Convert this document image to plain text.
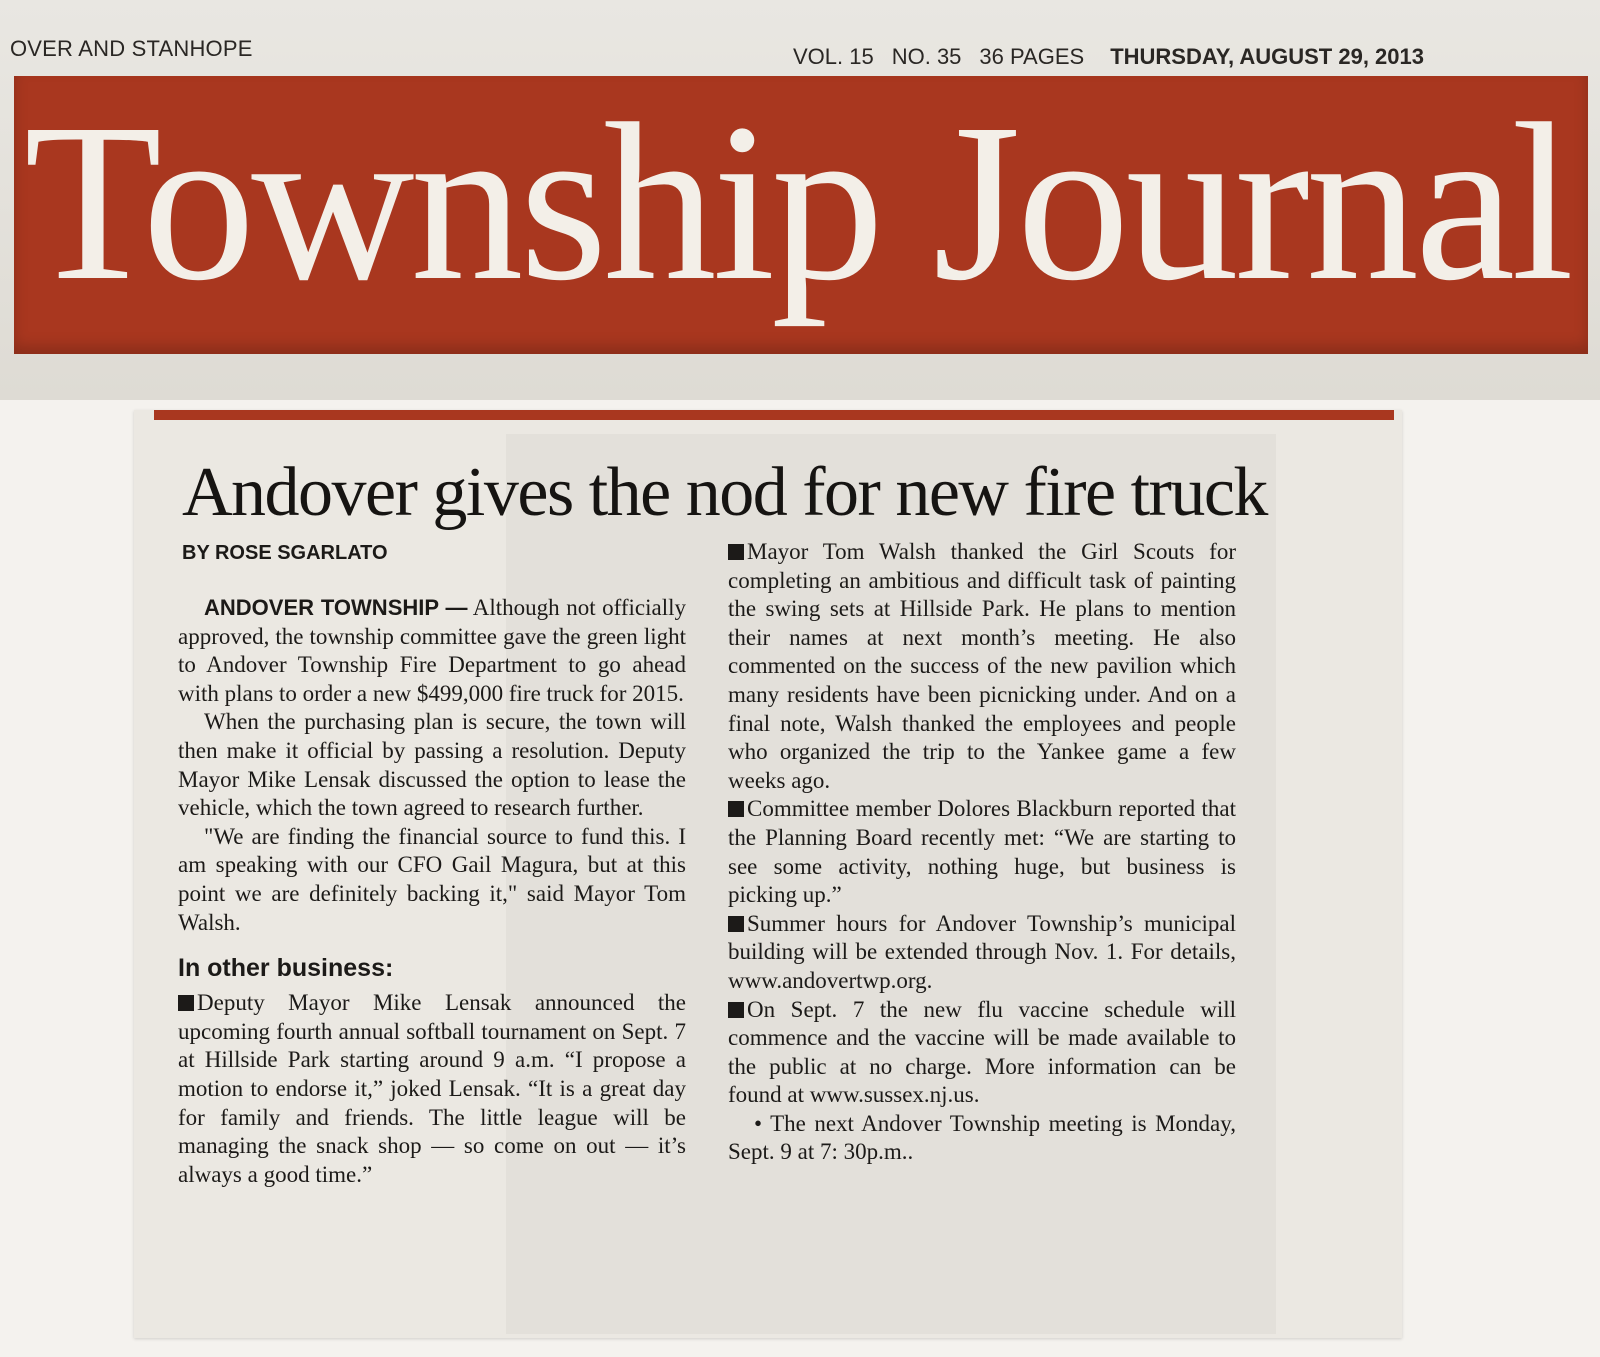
OVER AND STANHOPE	VOL. 15 NO. 35 36 PAGES THURSDAY, AUGUST 29, 2013
Township Journal
Andover gives the nod for new fire truck
BY ROSE SGARLATO

ANDOVER TOWNSHIP — Although not officially approved, the township committee gave the green light to Andover Township Fire Department to go ahead with plans to order a new $499,000 fire truck for 2015.

When the purchasing plan is secure, the town will then make it official by passing a resolution. Deputy Mayor Mike Lensak discussed the option to lease the vehicle, which the town agreed to research further.

"We are finding the financial source to fund this. I am speaking with our CFO Gail Magura, but at this point we are definitely backing it," said Mayor Tom Walsh.

In other business:

Deputy Mayor Mike Lensak announced the upcoming fourth annual softball tournament on Sept. 7 at Hillside Park starting around 9 a.m. “I propose a motion to endorse it,” joked Lensak. “It is a great day for family and friends. The little league will be managing the snack shop — so come on out — it’s always a good time.”

Mayor Tom Walsh thanked the Girl Scouts for completing an ambitious and difficult task of painting the swing sets at Hillside Park. He plans to mention their names at next month’s meeting. He also commented on the success of the new pavilion which many residents have been picnicking under. And on a final note, Walsh thanked the employees and people who organized the trip to the Yankee game a few weeks ago.

Committee member Dolores Blackburn reported that the Planning Board recently met: “We are starting to see some activity, nothing huge, but business is picking up.”

Summer hours for Andover Township’s municipal building will be extended through Nov. 1. For details, www.andovertwp.org.

On Sept. 7 the new flu vaccine schedule will commence and the vaccine will be made available to the public at no charge. More information can be found at www.sussex.nj.us.

• The next Andover Township meeting is Monday, Sept. 9 at 7: 30p.m..
